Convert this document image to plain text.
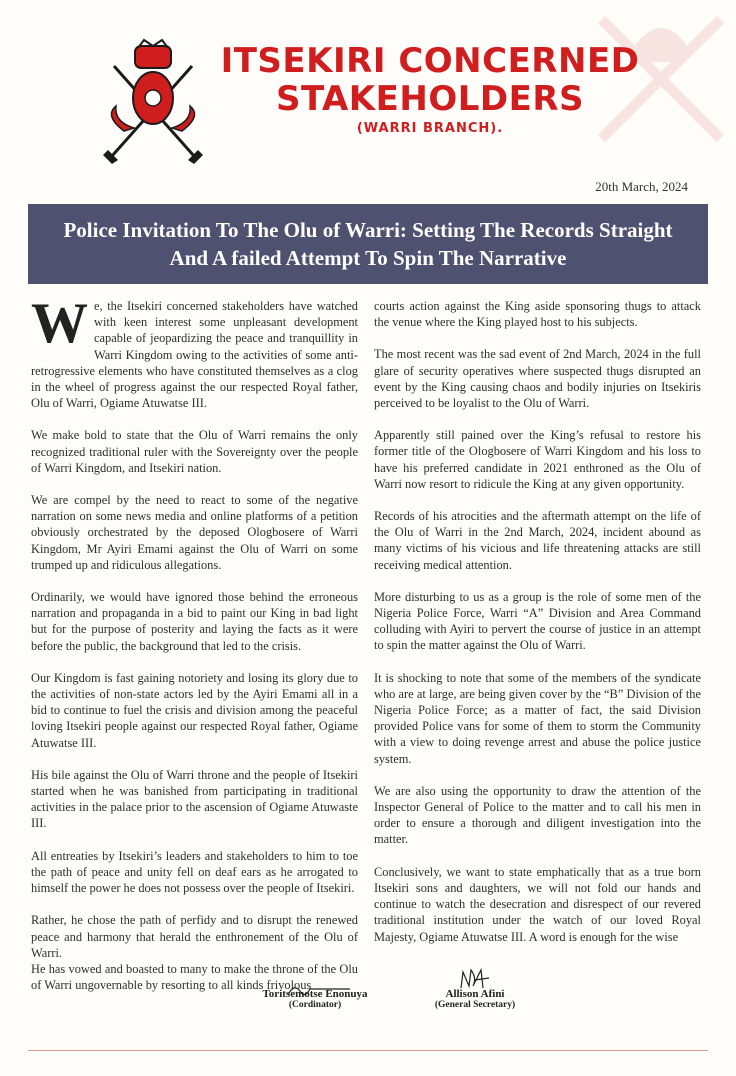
ITSEKIRI CONCERNED
STAKEHOLDERS
(WARRI BRANCH).
20th March, 2024
Police Invitation To The Olu of Warri: Setting The Records Straight And A failed Attempt To Spin The Narrative

We, the Itsekiri concerned stakeholders have watched with keen interest some unpleasant development capable of jeopardizing the peace and tranquillity in Warri Kingdom owing to the activities of some anti-retrogressive elements who have constituted themselves as a clog in the wheel of progress against the our respected Royal father, Olu of Warri, Ogiame Atuwatse III.

We make bold to state that the Olu of Warri remains the only recognized traditional ruler with the Sovereignty over the people of Warri Kingdom, and Itsekiri nation.

We are compel by the need to react to some of the negative narration on some news media and online platforms of a petition obviously orchestrated by the deposed Ologbosere of Warri Kingdom, Mr Ayiri Emami against the Olu of Warri on some trumped up and ridiculous allegations.

Ordinarily, we would have ignored those behind the erroneous narration and propaganda in a bid to paint our King in bad light but for the purpose of posterity and laying the facts as it were before the public, the background that led to the crisis.

Our Kingdom is fast gaining notoriety and losing its glory due to the activities of non-state actors led by the Ayiri Emami all in a bid to continue to fuel the crisis and division among the peaceful loving Itsekiri people against our respected Royal father, Ogiame Atuwatse III.

His bile against the Olu of Warri throne and the people of Itsekiri started when he was banished from participating in traditional activities in the palace prior to the ascension of Ogiame Atuwaste III.

All entreaties by Itsekiri’s leaders and stakeholders to him to toe the path of peace and unity fell on deaf ears as he arrogated to himself the power he does not possess over the people of Itsekiri.

Rather, he chose the path of perfidy and to disrupt the renewed peace and harmony that herald the enthronement of the Olu of Warri.

He has vowed and boasted to many to make the throne of the Olu of Warri ungovernable by resorting to all kinds frivolous

courts action against the King aside sponsoring thugs to attack the venue where the King played host to his subjects.

The most recent was the sad event of 2nd March, 2024 in the full glare of security operatives where suspected thugs disrupted an event by the King causing chaos and bodily injuries on Itsekiris perceived to be loyalist to the Olu of Warri.

Apparently still pained over the King’s refusal to restore his former title of the Ologbosere of Warri Kingdom and his loss to have his preferred candidate in 2021 enthroned as the Olu of Warri now resort to ridicule the King at any given opportunity.

Records of his atrocities and the aftermath attempt on the life of the Olu of Warri in the 2nd March, 2024, incident abound as many victims of his vicious and life threatening attacks are still receiving medical attention.

More disturbing to us as a group is the role of some men of the Nigeria Police Force, Warri “A” Division and Area Command colluding with Ayiri to pervert the course of justice in an attempt to spin the matter against the Olu of Warri.

It is shocking to note that some of the members of the syndicate who are at large, are being given cover by the “B” Division of the Nigeria Police Force; as a matter of fact, the said Division provided Police vans for some of them to storm the Community with a view to doing revenge arrest and abuse the police justice system.

We are also using the opportunity to draw the attention of the Inspector General of Police to the matter and to call his men in order to ensure a thorough and diligent investigation into the matter.

Conclusively, we want to state emphatically that as a true born Itsekiri sons and daughters, we will not fold our hands and continue to watch the desecration and disrespect of our revered traditional institution under the watch of our loved Royal Majesty, Ogiame Atuwatse III. A word is enough for the wise

Toritsemotse Enonuya
(Cordinator)
Allison Afini
(General Secretary)
